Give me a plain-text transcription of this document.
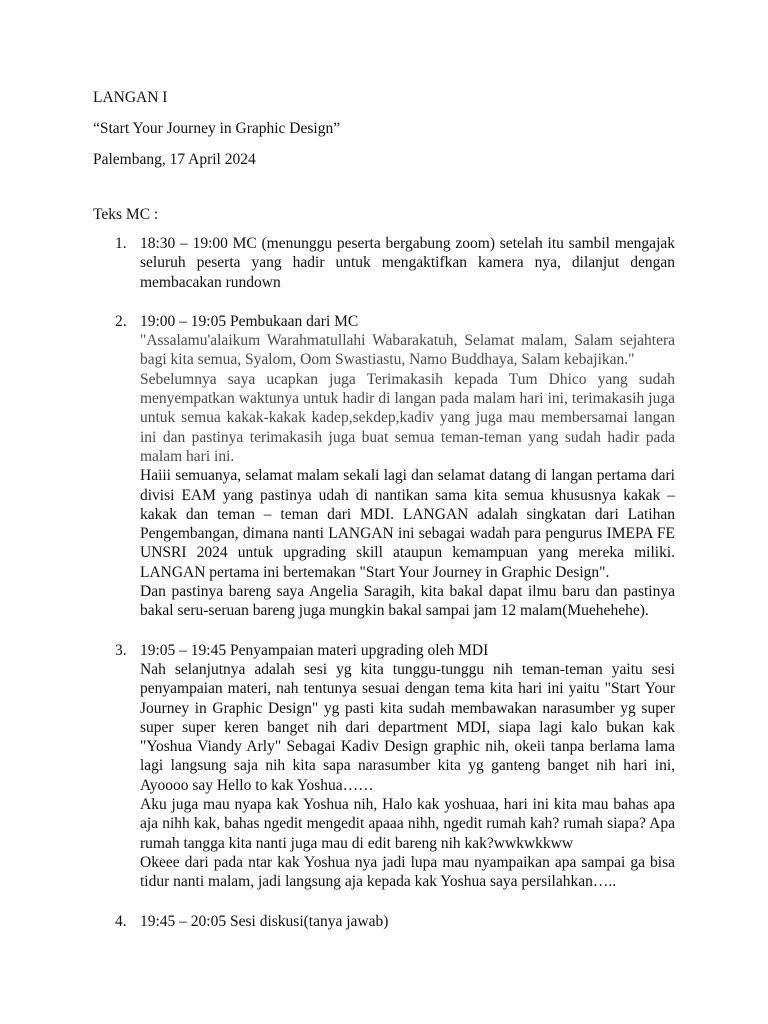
LANGAN I

“Start Your Journey in Graphic Design”

Palembang, 17 April 2024

Teks MC :

1. 18:30 – 19:00 MC (menunggu peserta bergabung zoom) setelah itu sambil mengajak seluruh peserta yang hadir untuk mengaktifkan kamera nya, dilanjut dengan membacakan rundown

2. 19:00 – 19:05 Pembukaan dari MC

"Assalamu'alaikum Warahmatullahi Wabarakatuh, Selamat malam, Salam sejahtera bagi kita semua, Syalom, Oom Swastiastu, Namo Buddhaya, Salam kebajikan."

Sebelumnya saya ucapkan juga Terimakasih kepada Tum Dhico yang sudah menyempatkan waktunya untuk hadir di langan pada malam hari ini, terimakasih juga untuk semua kakak-kakak kadep,sekdep,kadiv yang juga mau membersamai langan ini dan pastinya terimakasih juga buat semua teman-teman yang sudah hadir pada malam hari ini.

Haiii semuanya, selamat malam sekali lagi dan selamat datang di langan pertama dari divisi EAM yang pastinya udah di nantikan sama kita semua khususnya kakak – kakak dan teman – teman dari MDI. LANGAN adalah singkatan dari Latihan Pengembangan, dimana nanti LANGAN ini sebagai wadah para pengurus IMEPA FE UNSRI 2024 untuk upgrading skill ataupun kemampuan yang mereka miliki. LANGAN pertama ini bertemakan "Start Your Journey in Graphic Design".

Dan pastinya bareng saya Angelia Saragih, kita bakal dapat ilmu baru dan pastinya bakal seru-seruan bareng juga mungkin bakal sampai jam 12 malam(Muehehehe).

3. 19:05 – 19:45 Penyampaian materi upgrading oleh MDI

Nah selanjutnya adalah sesi yg kita tunggu-tunggu nih teman-teman yaitu sesi penyampaian materi, nah tentunya sesuai dengan tema kita hari ini yaitu "Start Your Journey in Graphic Design" yg pasti kita sudah membawakan narasumber yg super super super keren banget nih dari department MDI, siapa lagi kalo bukan kak "Yoshua Viandy Arly" Sebagai Kadiv Design graphic nih, okeii tanpa berlama lama lagi langsung saja nih kita sapa narasumber kita yg ganteng banget nih hari ini, Ayoooo say Hello to kak Yoshua……

Aku juga mau nyapa kak Yoshua nih, Halo kak yoshuaa, hari ini kita mau bahas apa aja nihh kak, bahas ngedit mengedit apaaa nihh, ngedit rumah kah? rumah siapa? Apa rumah tangga kita nanti juga mau di edit bareng nih kak?wwkwkkww

Okeee dari pada ntar kak Yoshua nya jadi lupa mau nyampaikan apa sampai ga bisa tidur nanti malam, jadi langsung aja kepada kak Yoshua saya persilahkan…..

4. 19:45 – 20:05 Sesi diskusi(tanya jawab)
